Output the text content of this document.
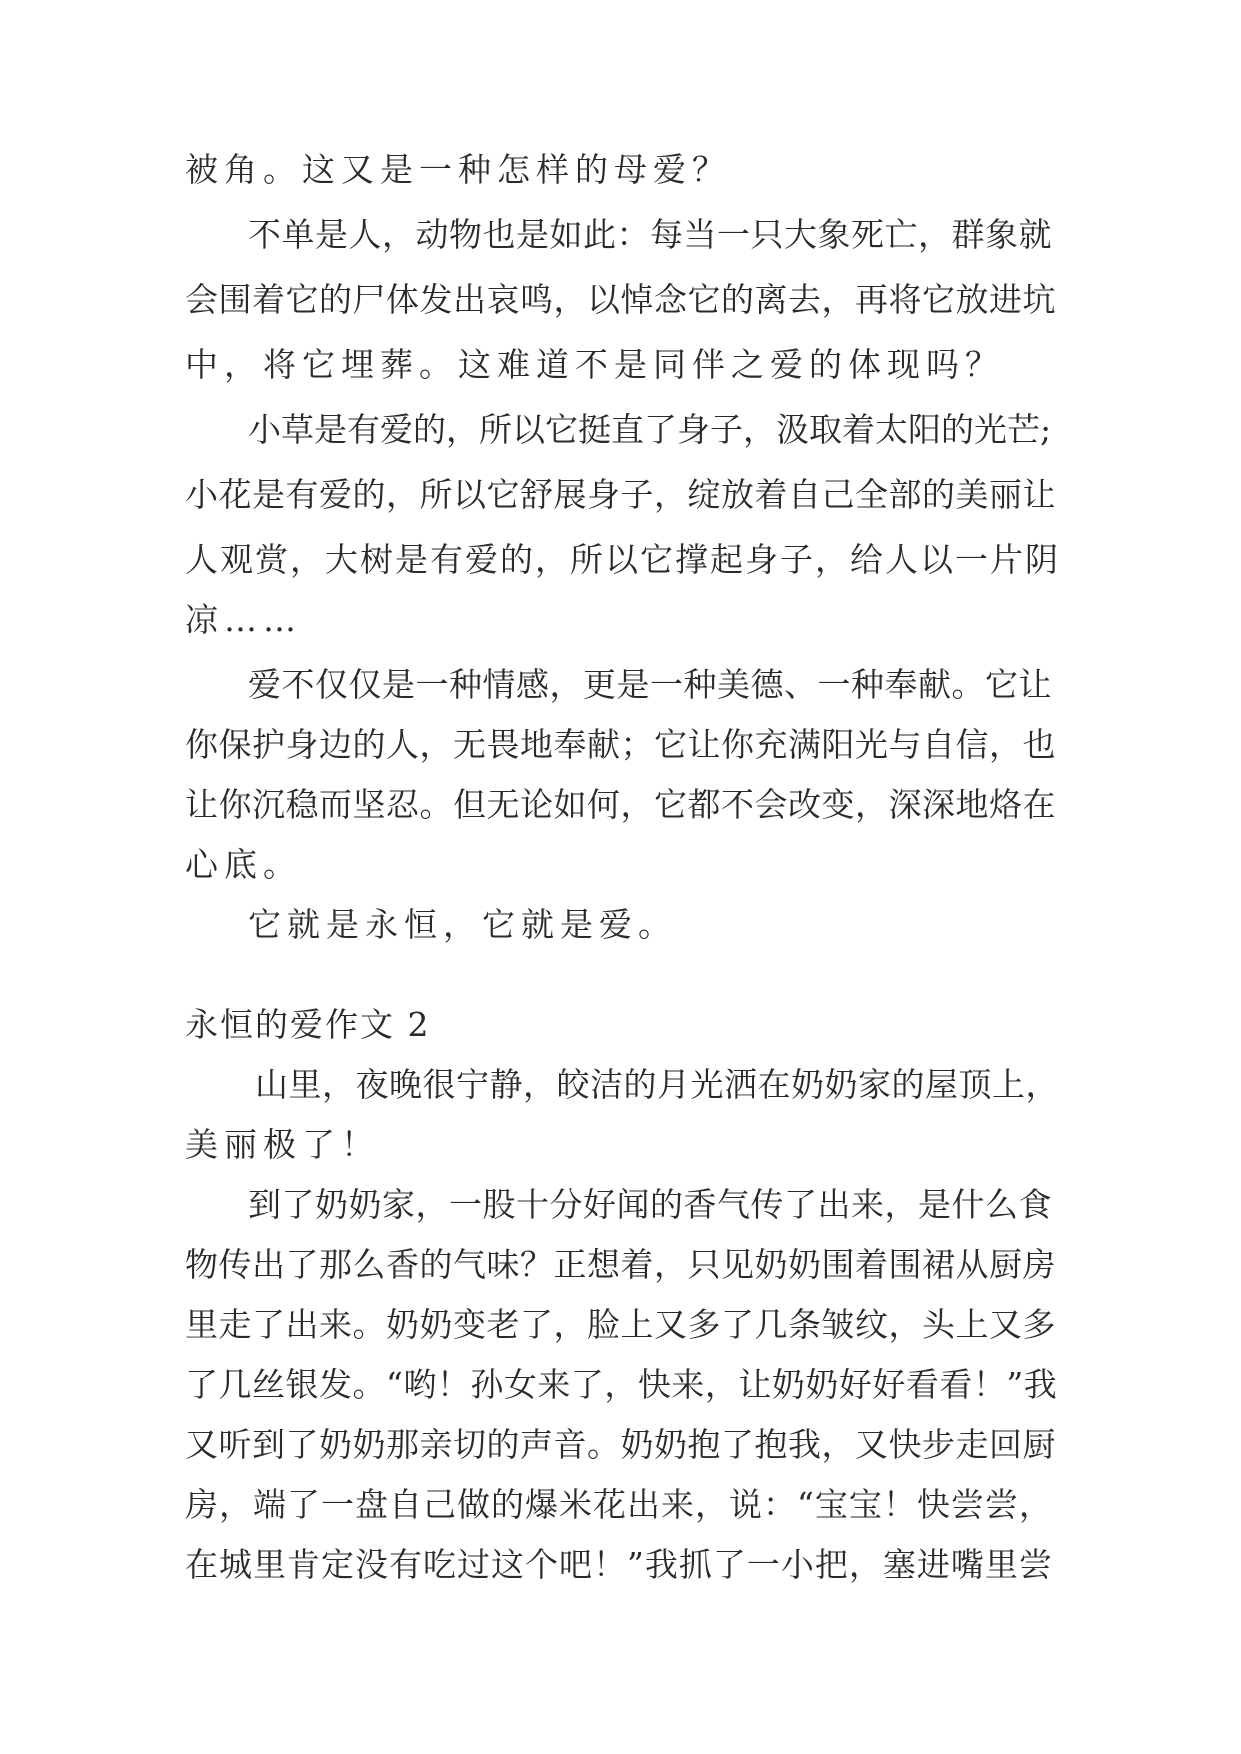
被角。这又是一种怎样的母爱？
不单是人，动物也是如此：每当一只大象死亡，群象就
会围着它的尸体发出哀鸣，以悼念它的离去，再将它放进坑
中，将它埋葬。这难道不是同伴之爱的体现吗？
小草是有爱的，所以它挺直了身子，汲取着太阳的光芒;
小花是有爱的，所以它舒展身子，绽放着自己全部的美丽让
人观赏，大树是有爱的，所以它撑起身子，给人以一片阴
凉……
爱不仅仅是一种情感，更是一种美德、一种奉献。它让
你保护身边的人，无畏地奉献；它让你充满阳光与自信，也
让你沉稳而坚忍。但无论如何，它都不会改变，深深地烙在
心底。
它就是永恒，它就是爱。
永恒的爱作文 2
山里，夜晚很宁静，皎洁的月光洒在奶奶家的屋顶上，
美丽极了！
到了奶奶家，一股十分好闻的香气传了出来，是什么食
物传出了那么香的气味？正想着，只见奶奶围着围裙从厨房
里走了出来。奶奶变老了，脸上又多了几条皱纹，头上又多
了几丝银发。“哟！孙女来了，快来，让奶奶好好看看！”我
又听到了奶奶那亲切的声音。奶奶抱了抱我，又快步走回厨
房，端了一盘自己做的爆米花出来，说：“宝宝！快尝尝，
在城里肯定没有吃过这个吧！”我抓了一小把，塞进嘴里尝
